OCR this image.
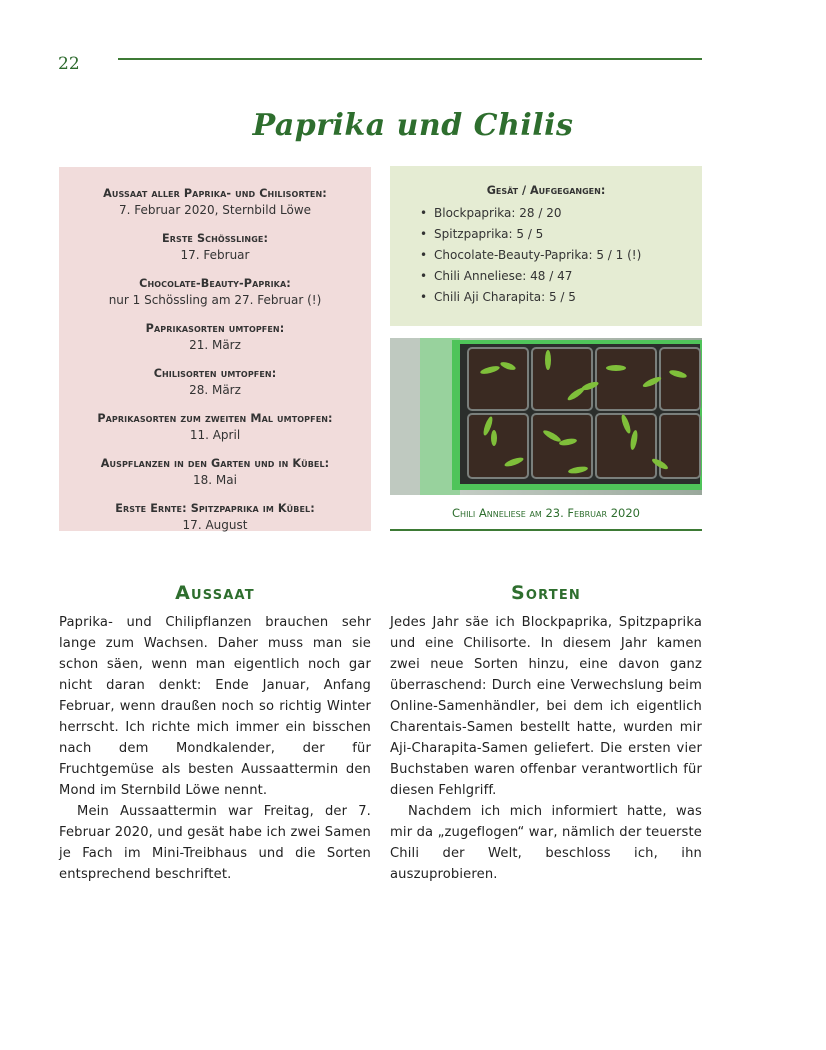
22
Paprika und Chilis
Aussaat aller Paprika- und Chilisorten:
7. Februar 2020, Sternbild Löwe
Erste Schösslinge:
17. Februar
Chocolate-Beauty-Paprika:
nur 1 Schössling am 27. Februar (!)
Paprikasorten umtopfen:
21. März
Chilisorten umtopfen:
28. März
Paprikasorten zum zweiten Mal umtopfen:
11. April
Auspflanzen in den Garten und in Kübel:
18. Mai
Erste Ernte: Spitzpaprika im Kübel:
17. August
Gesät / Aufgegangen:
• Blockpaprika: 28 / 20
• Spitzpaprika: 5 / 5
• Chocolate-Beauty-Paprika: 5 / 1 (!)
• Chili Anneliese: 48 / 47
• Chili Aji Charapita: 5 / 5
Chili Anneliese am 23. Februar 2020
Aussaat

Paprika- und Chilipflanzen brauchen sehr lange zum Wachsen. Daher muss man sie schon säen, wenn man eigentlich noch gar nicht daran denkt: Ende Januar, Anfang Februar, wenn draußen noch so richtig Winter herrscht. Ich richte mich immer ein bisschen nach dem Mondkalender, der für Fruchtgemüse als besten Aussaattermin den Mond im Sternbild Löwe nennt.

Mein Aussaattermin war Freitag, der 7. Februar 2020, und gesät habe ich zwei Samen je Fach im Mini-Treibhaus und die Sorten entsprechend beschriftet.

Sorten

Jedes Jahr säe ich Blockpaprika, Spitzpaprika und eine Chilisorte. In diesem Jahr kamen zwei neue Sorten hinzu, eine davon ganz überraschend: Durch eine Verwechslung beim Online-Samenhändler, bei dem ich eigentlich Charentais-Samen bestellt hatte, wurden mir Aji-Charapita-Samen geliefert. Die ersten vier Buchstaben waren offenbar verantwortlich für diesen Fehlgriff.

Nachdem ich mich informiert hatte, was mir da „zugeflogen“ war, nämlich der teuerste Chili der Welt, beschloss ich, ihn auszuprobieren.
